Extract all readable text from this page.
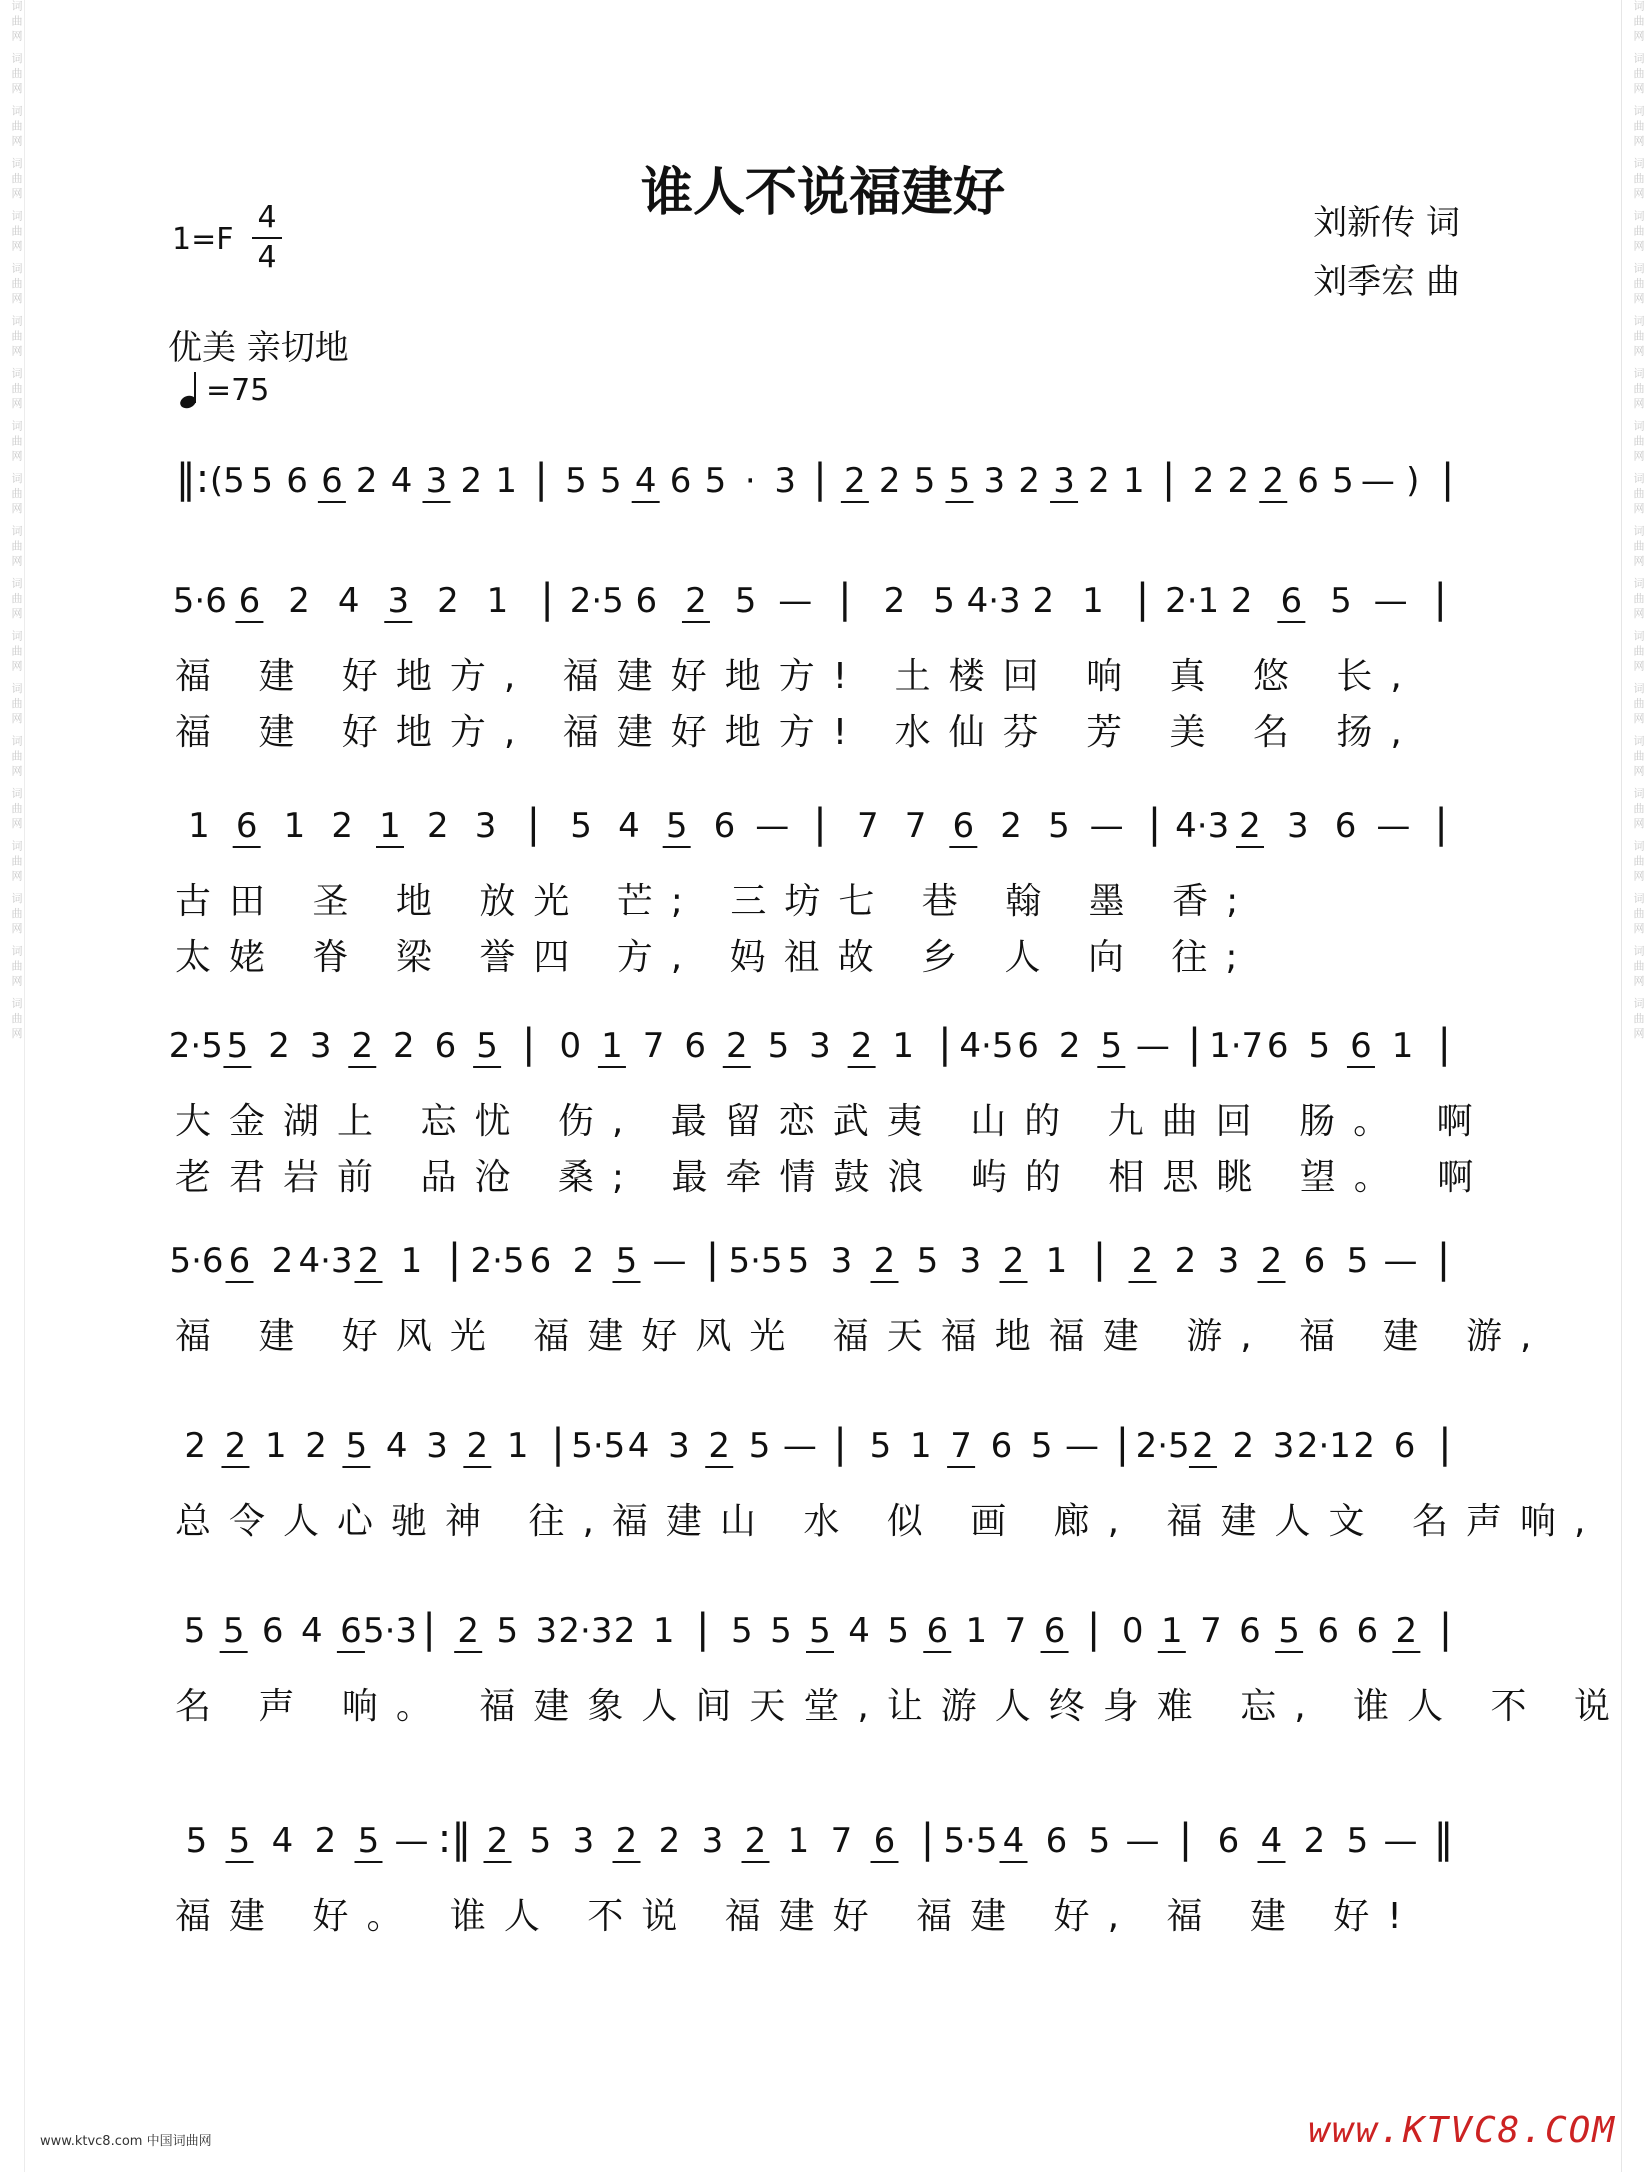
词曲网 词曲网 词曲网 词曲网 词曲网 词曲网 词曲网 词曲网 词曲网 词曲网 词曲网 词曲网 词曲网 词曲网 词曲网 词曲网 词曲网 词曲网 词曲网 词曲网	词曲网 词曲网 词曲网 词曲网 词曲网 词曲网 词曲网 词曲网 词曲网 词曲网 词曲网 词曲网 词曲网 词曲网 词曲网 词曲网 词曲网 词曲网 词曲网 词曲网
谁人不说福建好	刘新传 词
刘季宏 曲
1=F
4
4
优美 亲切地
=75
‖: (5 5 6 6 2 4 3 2 1 | 5 5 4 6 5 · 3 | 2 2 5 5 3 2 3 2 1 | 2 2 2 6 5 — ) |
5·6 6 2 4 3 2 1 | 2·5 6 2 5 — | 2 5 4·3 2 1 | 2·1 2 6 5 — |
福 建 好地方, 福建好地方! 土楼回 响 真 悠 长,
福 建 好地方, 福建好地方! 水仙芬 芳 美 名 扬,
1 6 1 2 1 2 3 | 5 4 5 6 — | 7 7 6 2 5 — | 4·3 2 3 6 — |
古田 圣 地 放光 芒; 三坊七 巷 翰 墨 香;
太姥 脊 梁 誉四 方, 妈祖故 乡 人 向 往;
2·5 5 2 3 2 2 6 5 | 0 1 7 6 2 5 3 2 1 | 4·5 6 2 5 — | 1·7 6 5 6 1 |
大金湖上 忘忧 伤, 最留恋武夷 山的 九曲回 肠。 啊
老君岩前 品沧 桑; 最牵情鼓浪 屿的 相思眺 望。 啊
5·6 6 2 4·3 2 1 | 2·5 6 2 5 — | 5·5 5 3 2 5 3 2 1 | 2 2 3 2 6 5 — |
福 建 好风光 福建好风光 福天福地福建 游, 福 建 游,
2 2 1 2 5 4 3 2 1 | 5·5 4 3 2 5 — | 5 1 7 6 5 — | 2·5 2 2 3 2·1 2 6 |
总令人心驰神 往,福建山 水 似 画 廊, 福建人文 名声响,
5 5 6 4 6 5·3 | 2 5 3 2·3 2 1 | 5 5 5 4 5 6 1 7 6 | 0 1 7 6 5 6 6 2 |
名 声 响。 福建象人间天堂,让游人终身难 忘, 谁人 不 说
5 5 4 2 5 — :‖ 2 5 3 2 2 3 2 1 7 6 | 5·5 4 6 5 — | 6 4 2 5 — ‖
福建 好。 谁人 不说 福建好 福建 好, 福 建 好!
www.ktvc8.com 中国词曲网	www.KTVC8.COM
